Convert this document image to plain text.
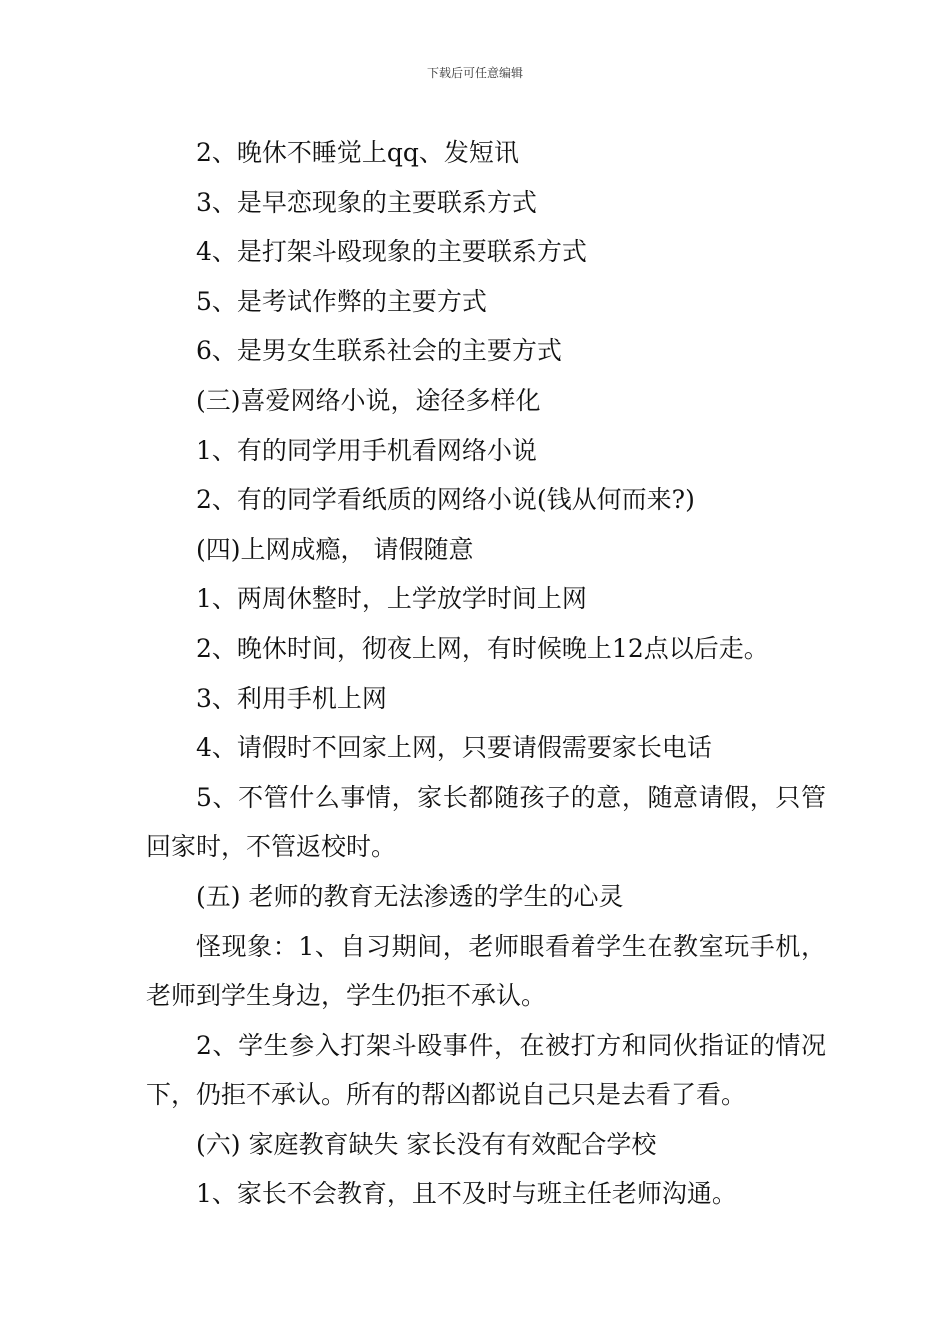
下载后可任意编辑
2、晚休不睡觉上qq、发短讯
3、是早恋现象的主要联系方式
4、是打架斗殴现象的主要联系方式
5、是考试作弊的主要方式
6、是男女生联系社会的主要方式
(三)喜爱网络小说，途径多样化
1、有的同学用手机看网络小说
2、有的同学看纸质的网络小说(钱从何而来?)
(四)上网成瘾， 请假随意
1、两周休整时，上学放学时间上网
2、晚休时间，彻夜上网，有时候晚上12点以后走。
3、利用手机上网
4、请假时不回家上网，只要请假需要家长电话
5、不管什么事情，家长都随孩子的意，随意请假，只管回家时，不管返校时。
(五) 老师的教育无法渗透的学生的心灵
怪现象：1、自习期间，老师眼看着学生在教室玩手机，老师到学生身边，学生仍拒不承认。
2、学生参入打架斗殴事件，在被打方和同伙指证的情况下，仍拒不承认。所有的帮凶都说自己只是去看了看。
(六) 家庭教育缺失 家长没有有效配合学校
1、家长不会教育，且不及时与班主任老师沟通。
